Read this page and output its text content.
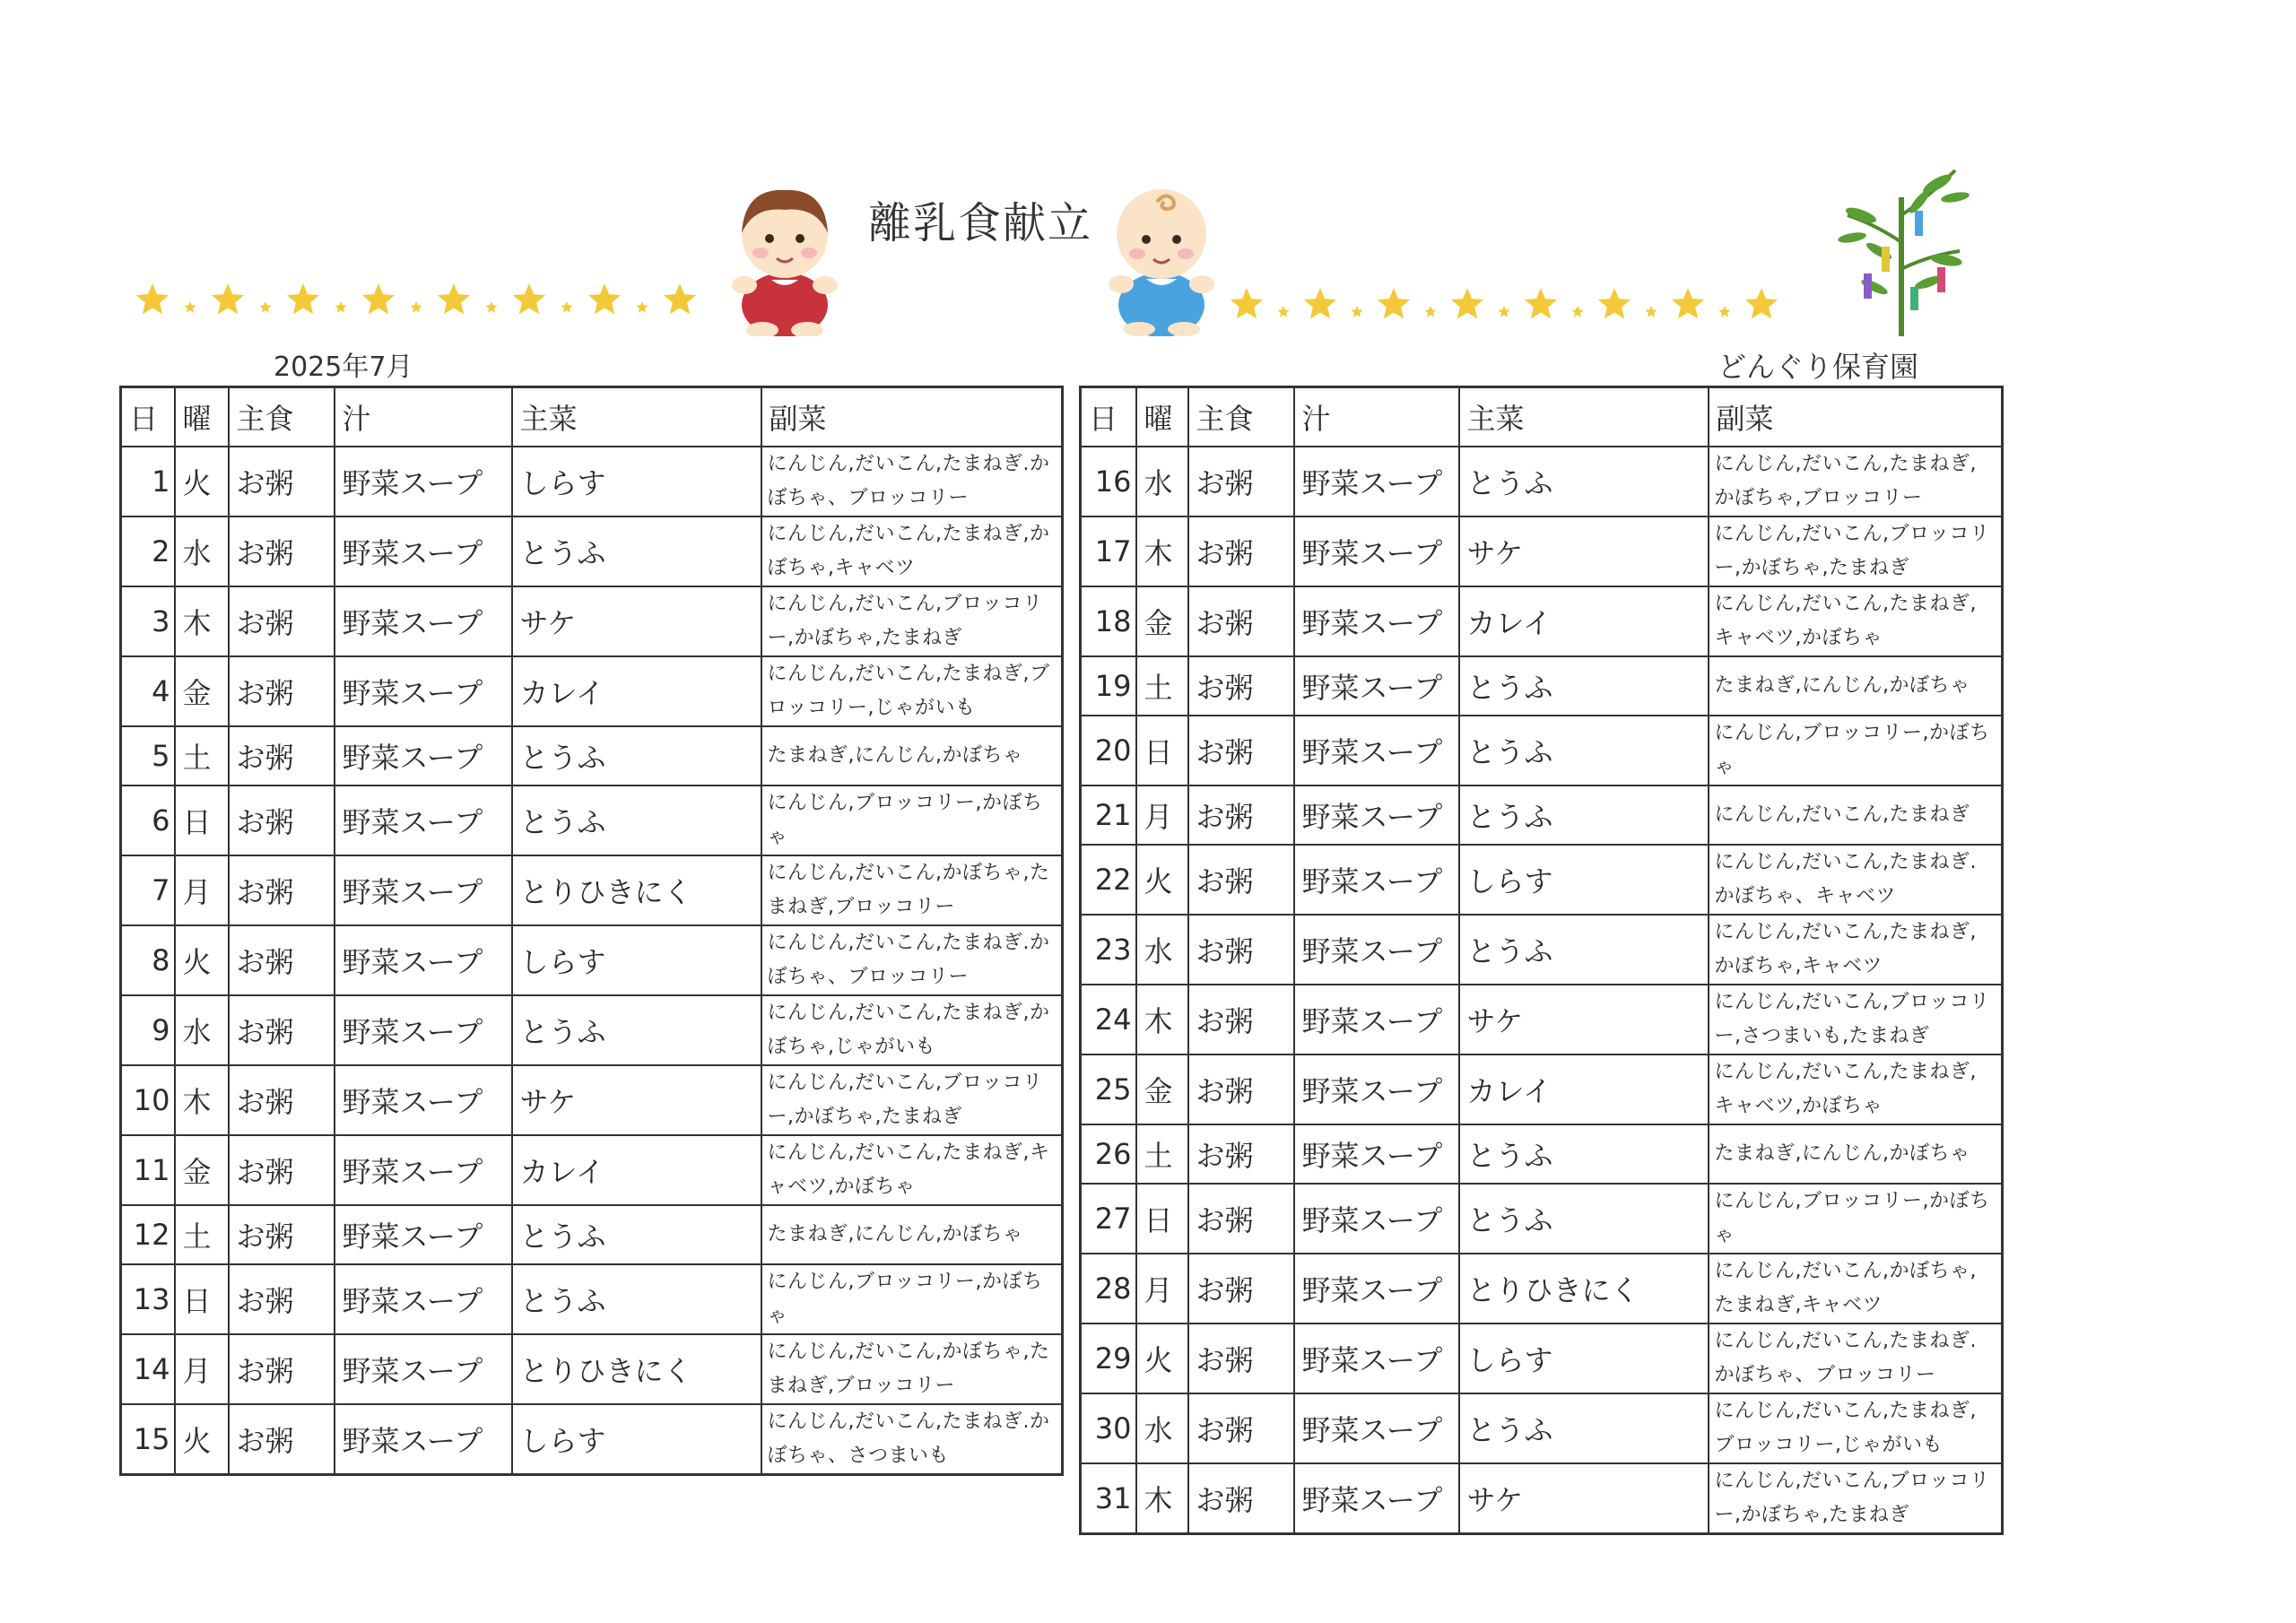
離乳食献立
2025年7月	どんぐり保育園
日	曜	主食	汁	主菜	副菜
1	火	お粥	野菜スープ	しらす	にんじん,だいこん,たまねぎ.かぼちゃ、ブロッコリー
2	水	お粥	野菜スープ	とうふ	にんじん,だいこん,たまねぎ,かぼちゃ,キャベツ
3	木	お粥	野菜スープ	サケ	にんじん,だいこん,ブロッコリー,かぼちゃ,たまねぎ
4	金	お粥	野菜スープ	カレイ	にんじん,だいこん,たまねぎ,ブロッコリー,じゃがいも
5	土	お粥	野菜スープ	とうふ	たまねぎ,にんじん,かぼちゃ
6	日	お粥	野菜スープ	とうふ	にんじん,ブロッコリー,かぼちゃ
7	月	お粥	野菜スープ	とりひきにく	にんじん,だいこん,かぼちゃ,たまねぎ,ブロッコリー
8	火	お粥	野菜スープ	しらす	にんじん,だいこん,たまねぎ.かぼちゃ、ブロッコリー
9	水	お粥	野菜スープ	とうふ	にんじん,だいこん,たまねぎ,かぼちゃ,じゃがいも
10	木	お粥	野菜スープ	サケ	にんじん,だいこん,ブロッコリー,かぼちゃ,たまねぎ
11	金	お粥	野菜スープ	カレイ	にんじん,だいこん,たまねぎ,キャベツ,かぼちゃ
12	土	お粥	野菜スープ	とうふ	たまねぎ,にんじん,かぼちゃ
13	日	お粥	野菜スープ	とうふ	にんじん,ブロッコリー,かぼちゃ
14	月	お粥	野菜スープ	とりひきにく	にんじん,だいこん,かぼちゃ,たまねぎ,ブロッコリー
15	火	お粥	野菜スープ	しらす	にんじん,だいこん,たまねぎ.かぼちゃ、さつまいも
日	曜	主食	汁	主菜	副菜
16	水	お粥	野菜スープ	とうふ	にんじん,だいこん,たまねぎ,かぼちゃ,ブロッコリー
17	木	お粥	野菜スープ	サケ	にんじん,だいこん,ブロッコリー,かぼちゃ,たまねぎ
18	金	お粥	野菜スープ	カレイ	にんじん,だいこん,たまねぎ,キャベツ,かぼちゃ
19	土	お粥	野菜スープ	とうふ	たまねぎ,にんじん,かぼちゃ
20	日	お粥	野菜スープ	とうふ	にんじん,ブロッコリー,かぼちゃ
21	月	お粥	野菜スープ	とうふ	にんじん,だいこん,たまねぎ
22	火	お粥	野菜スープ	しらす	にんじん,だいこん,たまねぎ.かぼちゃ、キャベツ
23	水	お粥	野菜スープ	とうふ	にんじん,だいこん,たまねぎ,かぼちゃ,キャベツ
24	木	お粥	野菜スープ	サケ	にんじん,だいこん,ブロッコリー,さつまいも,たまねぎ
25	金	お粥	野菜スープ	カレイ	にんじん,だいこん,たまねぎ,キャベツ,かぼちゃ
26	土	お粥	野菜スープ	とうふ	たまねぎ,にんじん,かぼちゃ
27	日	お粥	野菜スープ	とうふ	にんじん,ブロッコリー,かぼちゃ
28	月	お粥	野菜スープ	とりひきにく	にんじん,だいこん,かぼちゃ,たまねぎ,キャベツ
29	火	お粥	野菜スープ	しらす	にんじん,だいこん,たまねぎ.かぼちゃ、ブロッコリー
30	水	お粥	野菜スープ	とうふ	にんじん,だいこん,たまねぎ,ブロッコリー,じゃがいも
31	木	お粥	野菜スープ	サケ	にんじん,だいこん,ブロッコリー,かぼちゃ,たまねぎ
